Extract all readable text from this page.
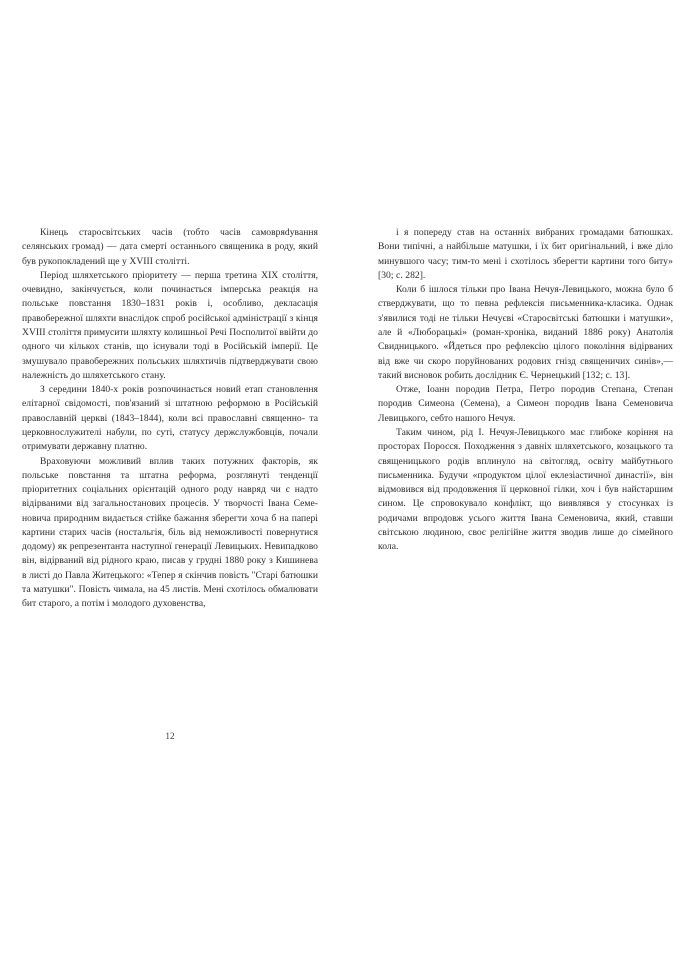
Кінець старосвітських часів (тобто часів самовряdування селянських громад) — дата смерті останнього священика в роду, який був рукопокладений ще у XVIII столітті.

Період шляхетського пріоритету — перша третина XIX століття, очевидно, закінчується, коли починається імперська реакція на польське повстання 1830–1831 років і, особливо, декласація правобережної шляхти внаслідок спроб російської адміністрації з кінця XVIII століття примусити шляхту колишньої Речі Посполитої ввійти до одного чи кількох станів, що існували тоді в Російській імперії. Це змушувало правобережних польських шляхтичів підтверджувати свою належність до шляхетського стану.

З середини 1840-х років розпочинається новий етап становлення елітарної свідомості, пов'язаний зі штатною реформою в Російській православній церкві (1843–1844), коли всі православні священно- та церковнослужителі набули, по суті, статусу держслужбовців, почали отримувати державну платню.

Враховуючи можливий вплив таких потужних факторів, як польське повстання та штатна реформа, розглянуті тенденції пріоритетних соціальних орієнтацій одного роду навряд чи є надто відірваними від загальностанових процесів. У творчості Івана Семеновича природним видається стійке бажання зберегти хоча б на папері картини старих часів (ностальгія, біль від неможливості повернутися додому) як репрезентанта наступної генерації Левицьких. Невипадково він, відірваний від рідного краю, писав у грудні 1880 року з Кишинева в листі до Павла Житецького: «Тепер я скінчив повість "Старі батюшки та матушки". Повість чимала, на 45 листів. Мені схотілось обмалювати бит старого, а потім і молодого духовенства,

і я попереду став на останніх вибраних громадами батюшках. Вони типічні, а найбільше матушки, і їх бит оригінальний, і вже діло минувшого часу; тим-то мені і схотілось зберегти картини того биту» [30; с. 282].

Коли б ішлося тільки про Івана Нечуя-Левицького, можна було б стверджувати, що то певна рефлексія письменника-класика. Однак з'явилися тоді не тільки Нечуєві «Старосвітські батюшки і матушки», але й «Люборацькі» (роман-хроніка, виданий 1886 року) Анатолія Свидницького. «Йдеться про рефлексію цілого покоління відірваних від вже чи скоро поруйнованих родових гнізд священичих синів»,— такий висновок робить дослідник Є. Чернецький [132; с. 13].

Отже, Іоанн породив Петра, Петро породив Степана, Степан породив Симеона (Семена), а Симеон породив Івана Семеновича Левицького, себто нашого Нечуя.

Таким чином, рід І. Нечуя-Левицького має глибоке коріння на просторах Поросся. Походження з давніх шляхетського, козацького та священицького родів вплинуло на світогляд, освіту майбутнього письменника. Будучи «продуктом цілої еклезіастичної династії», він відмовився від продовження її церковної гілки, хоч і був найстаршим сином. Це спровокувало конфлікт, що виявлявся у стосунках із родичами впродовж усього життя Івана Семеновича, який, ставши світською людиною, своє релігійне життя зводив лише до сімейного кола.

12
